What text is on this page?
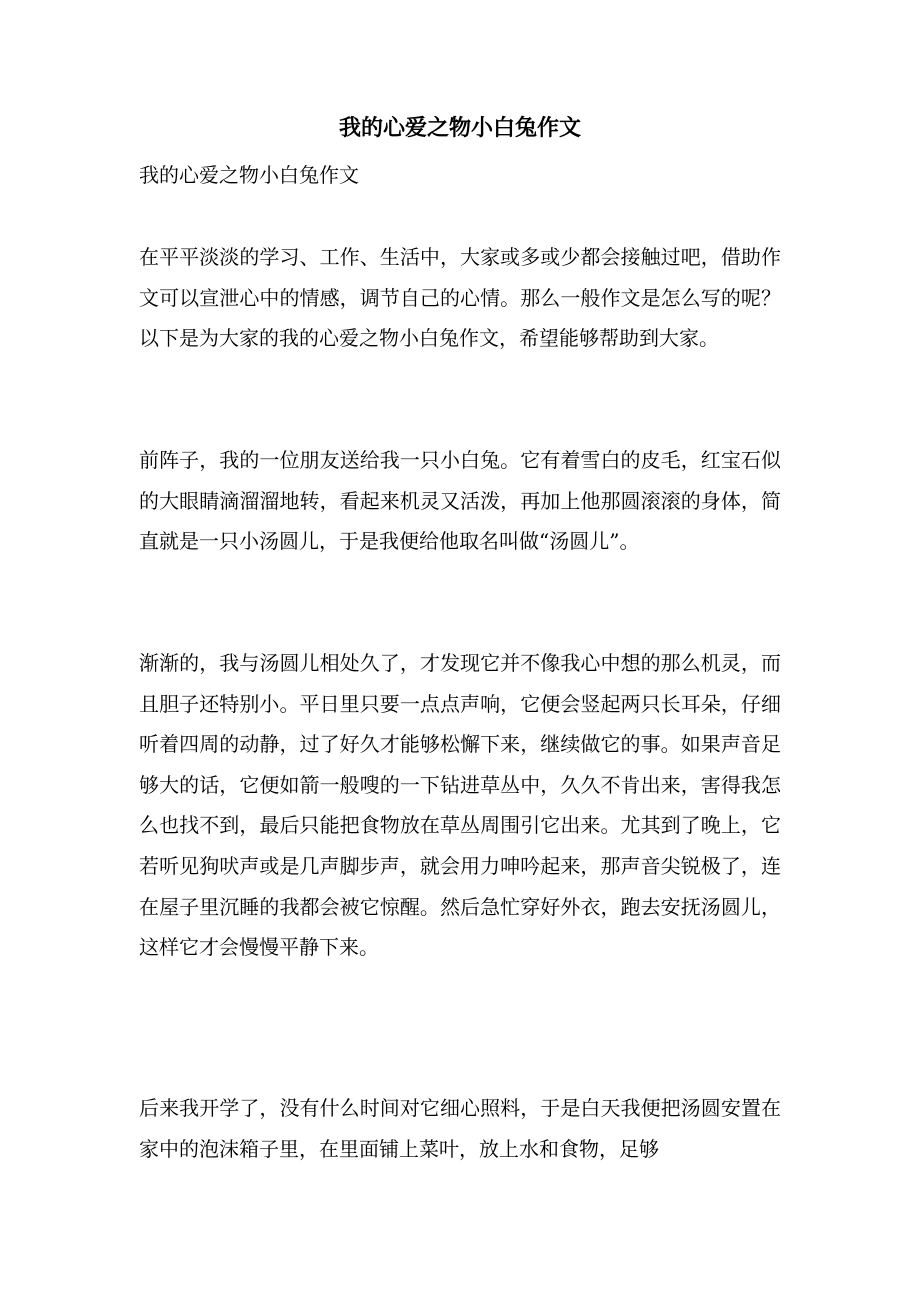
我的心爱之物小白兔作文
我的心爱之物小白兔作文

在平平淡淡的学习、工作、生活中，大家或多或少都会接触过吧，借助作文可以宣泄心中的情感，调节自己的心情。那么一般作文是怎么写的呢？以下是为大家的我的心爱之物小白兔作文，希望能够帮助到大家。

前阵子，我的一位朋友送给我一只小白兔。它有着雪白的皮毛，红宝石似的大眼睛滴溜溜地转，看起来机灵又活泼，再加上他那圆滚滚的身体，简直就是一只小汤圆儿，于是我便给他取名叫做“汤圆儿”。

渐渐的，我与汤圆儿相处久了，才发现它并不像我心中想的那么机灵，而且胆子还特别小。平日里只要一点点声响，它便会竖起两只长耳朵，仔细听着四周的动静，过了好久才能够松懈下来，继续做它的事。如果声音足够大的话，它便如箭一般嗖的一下钻进草丛中，久久不肯出来，害得我怎么也找不到，最后只能把食物放在草丛周围引它出来。尤其到了晚上，它若听见狗吠声或是几声脚步声，就会用力呻吟起来，那声音尖锐极了，连在屋子里沉睡的我都会被它惊醒。然后急忙穿好外衣，跑去安抚汤圆儿，这样它才会慢慢平静下来。

后来我开学了，没有什么时间对它细心照料，于是白天我便把汤圆安置在家中的泡沫箱子里，在里面铺上菜叶，放上水和食物，足够
